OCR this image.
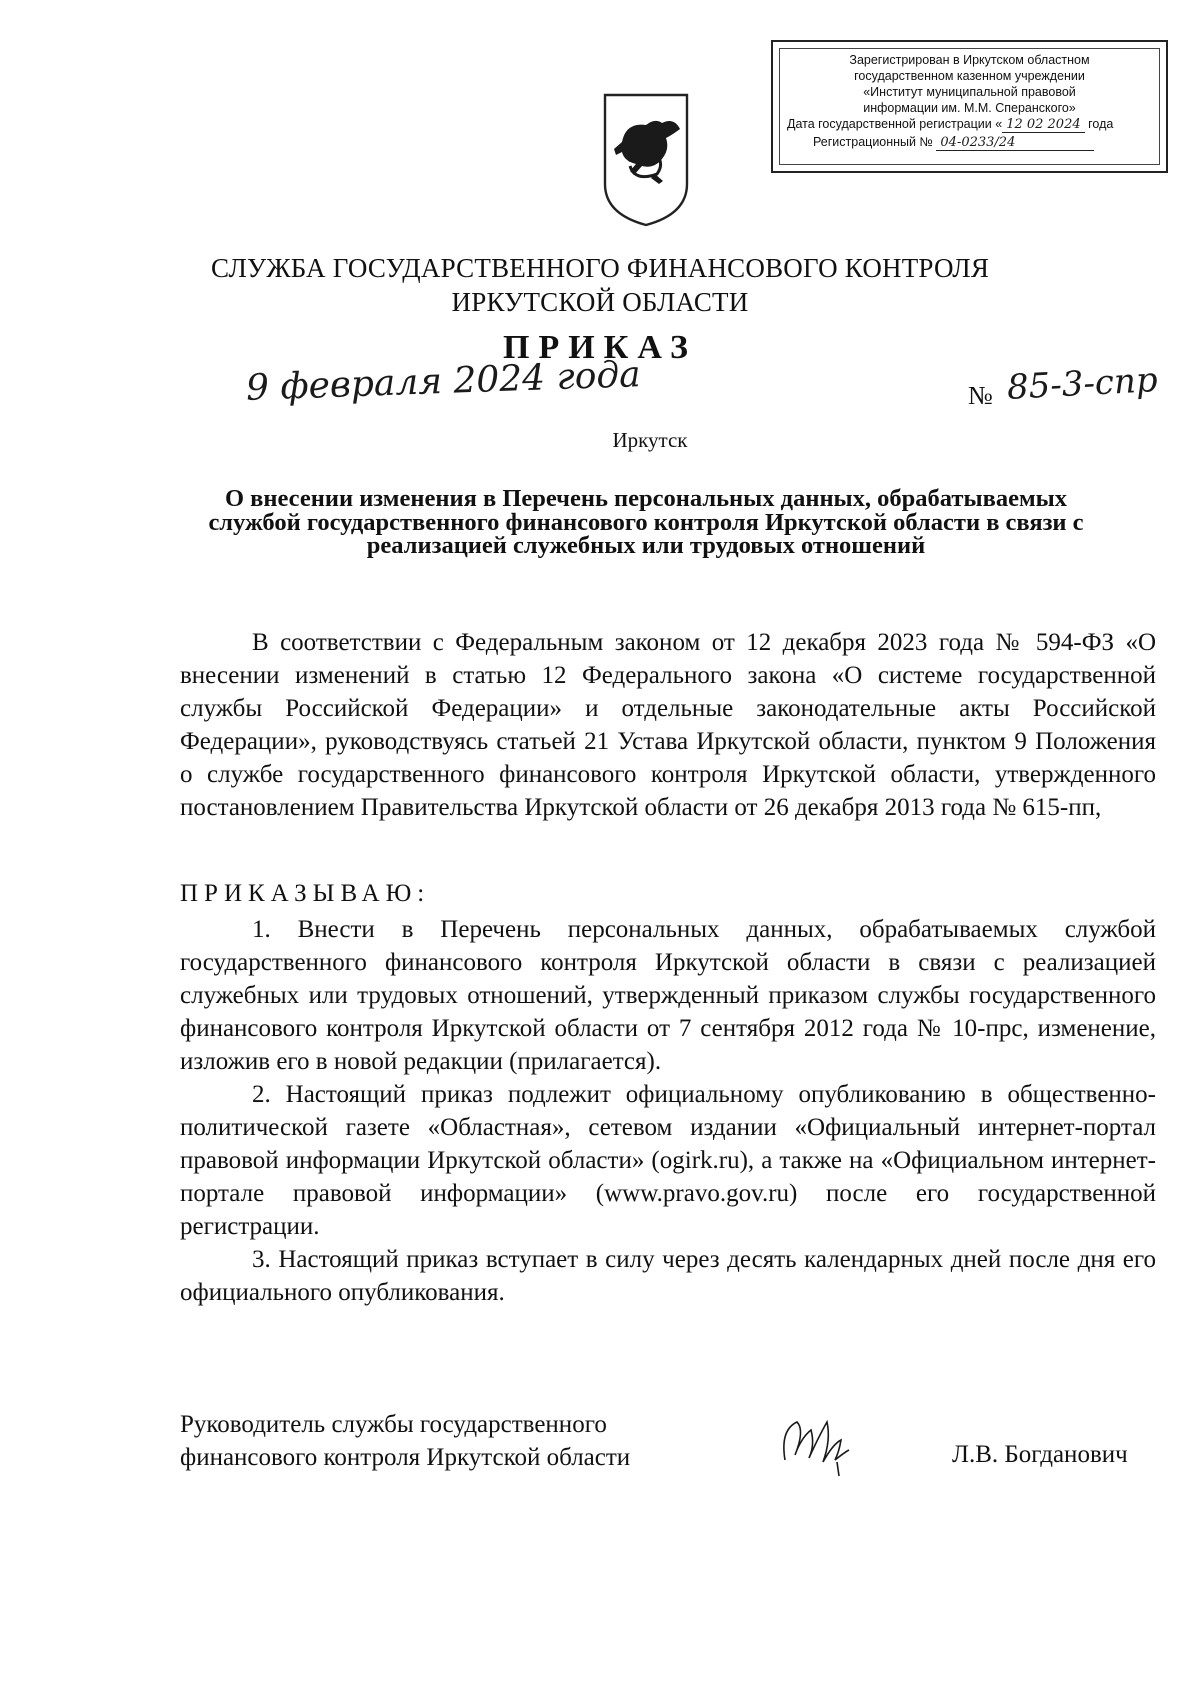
Зарегистрирован в Иркутском областном
государственном казенном учреждении
«Институт муниципальной правовой
информации им. М.М. Сперанского»
Дата государственной регистрации « 12 02 2024 года
Регистрационный № 04-0233/24
СЛУЖБА ГОСУДАРСТВЕННОГО ФИНАНСОВОГО КОНТРОЛЯ
ИРКУТСКОЙ ОБЛАСТИ
ПРИКАЗ
9 февраля 2024 года	№ 85-3-спр
Иркутск
О внесении изменения в Перечень персональных данных, обрабатываемых службой государственного финансового контроля Иркутской области в связи с реализацией служебных или трудовых отношений

В соответствии с Федеральным законом от 12 декабря 2023 года № 594-ФЗ «О внесении изменений в статью 12 Федерального закона «О системе государственной службы Российской Федерации» и отдельные законодательные акты Российской Федерации», руководствуясь статьей 21 Устава Иркутской области, пунктом 9 Положения о службе государственного финансового контроля Иркутской области, утвержденного постановлением Правительства Иркутской области от 26 декабря 2013 года № 615-пп,

ПРИКАЗЫВАЮ:

1. Внести в Перечень персональных данных, обрабатываемых службой государственного финансового контроля Иркутской области в связи с реализацией служебных или трудовых отношений, утвержденный приказом службы государственного финансового контроля Иркутской области от 7 сентября 2012 года № 10-прс, изменение, изложив его в новой редакции (прилагается).

2. Настоящий приказ подлежит официальному опубликованию в общественно-политической газете «Областная», сетевом издании «Официальный интернет-портал правовой информации Иркутской области» (ogirk.ru), а также на «Официальном интернет-портале правовой информации» (www.pravo.gov.ru) после его государственной регистрации.

3. Настоящий приказ вступает в силу через десять календарных дней после дня его официального опубликования.

Руководитель службы государственного
финансового контроля Иркутской области	Л.В. Богданович
